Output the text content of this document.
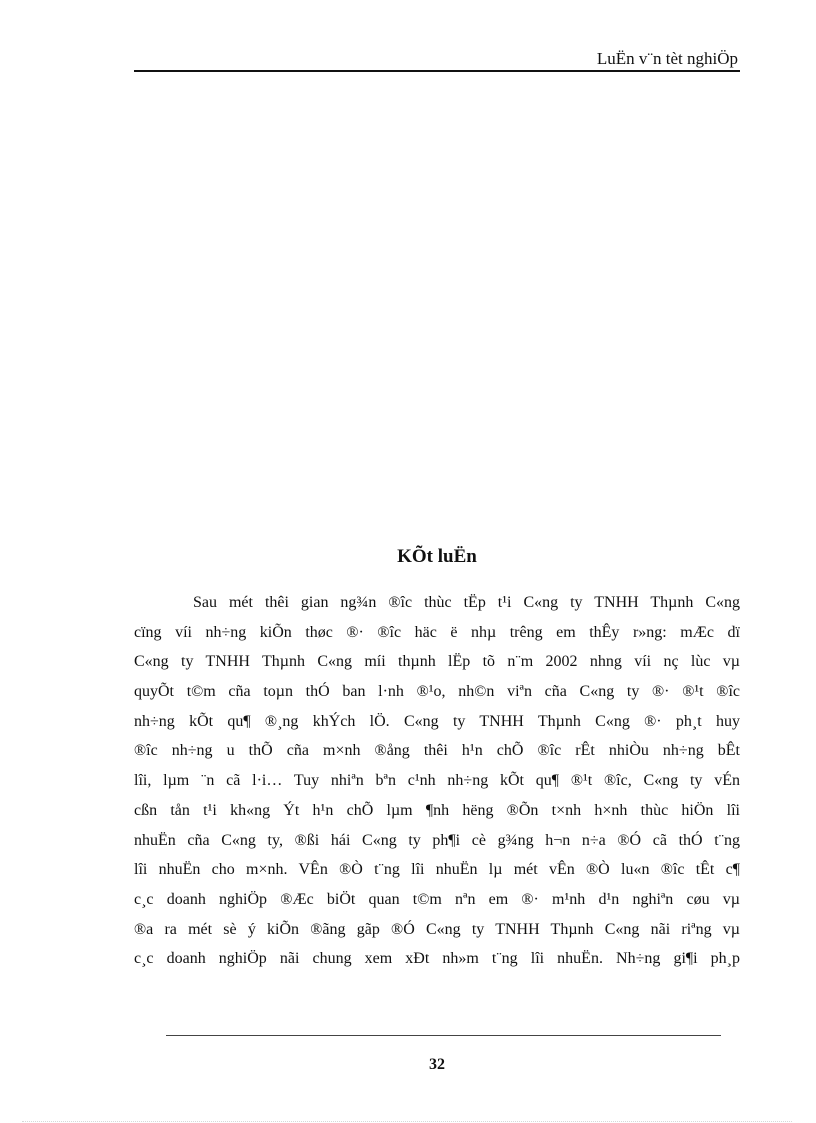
LuËn v¨n tèt nghiÖp
KÕt luËn
Sau mét thêi gian ng¾n ®îc thùc tËp t¹i C«ng ty TNHH Thµnh C«ng
cïng víi nh÷ng kiÕn thøc ®· ®îc häc ë nhµ trêng em thÊy r»ng: mÆc dï
C«ng ty TNHH Thµnh C«ng míi thµnh lËp tõ n¨m 2002 nhng víi nç lùc vµ
quyÕt t©m cña toµn thÓ ban l·nh ®¹o, nh©n viªn cña C«ng ty ®· ®¹t ®îc
nh÷ng kÕt qu¶ ®¸ng khÝch lÖ. C«ng ty TNHH Thµnh C«ng ®· ph¸t huy
®îc nh÷ng u thÕ cña m×nh ®ång thêi h¹n chÕ ®îc rÊt nhiÒu nh÷ng bÊt
lîi, lµm ¨n cã l·i… Tuy nhiªn bªn c¹nh nh÷ng kÕt qu¶ ®¹t ®îc, C«ng ty vÉn
cßn tån t¹i kh«ng Ýt h¹n chÕ lµm ¶nh hëng ®Õn t×nh h×nh thùc hiÖn lîi
nhuËn cña C«ng ty, ®ßi hái C«ng ty ph¶i cè g¾ng h¬n n÷a ®Ó cã thÓ t¨ng
lîi nhuËn cho m×nh. VÊn ®Ò t¨ng lîi nhuËn lµ mét vÊn ®Ò lu«n ®îc tÊt c¶
c¸c doanh nghiÖp ®Æc biÖt quan t©m nªn em ®· m¹nh d¹n nghiªn cøu vµ
®a ra mét sè ý kiÕn ®ãng gãp ®Ó C«ng ty TNHH Thµnh C«ng nãi riªng vµ
c¸c doanh nghiÖp nãi chung xem xÐt nh»m t¨ng lîi nhuËn. Nh÷ng gi¶i ph¸p
32
